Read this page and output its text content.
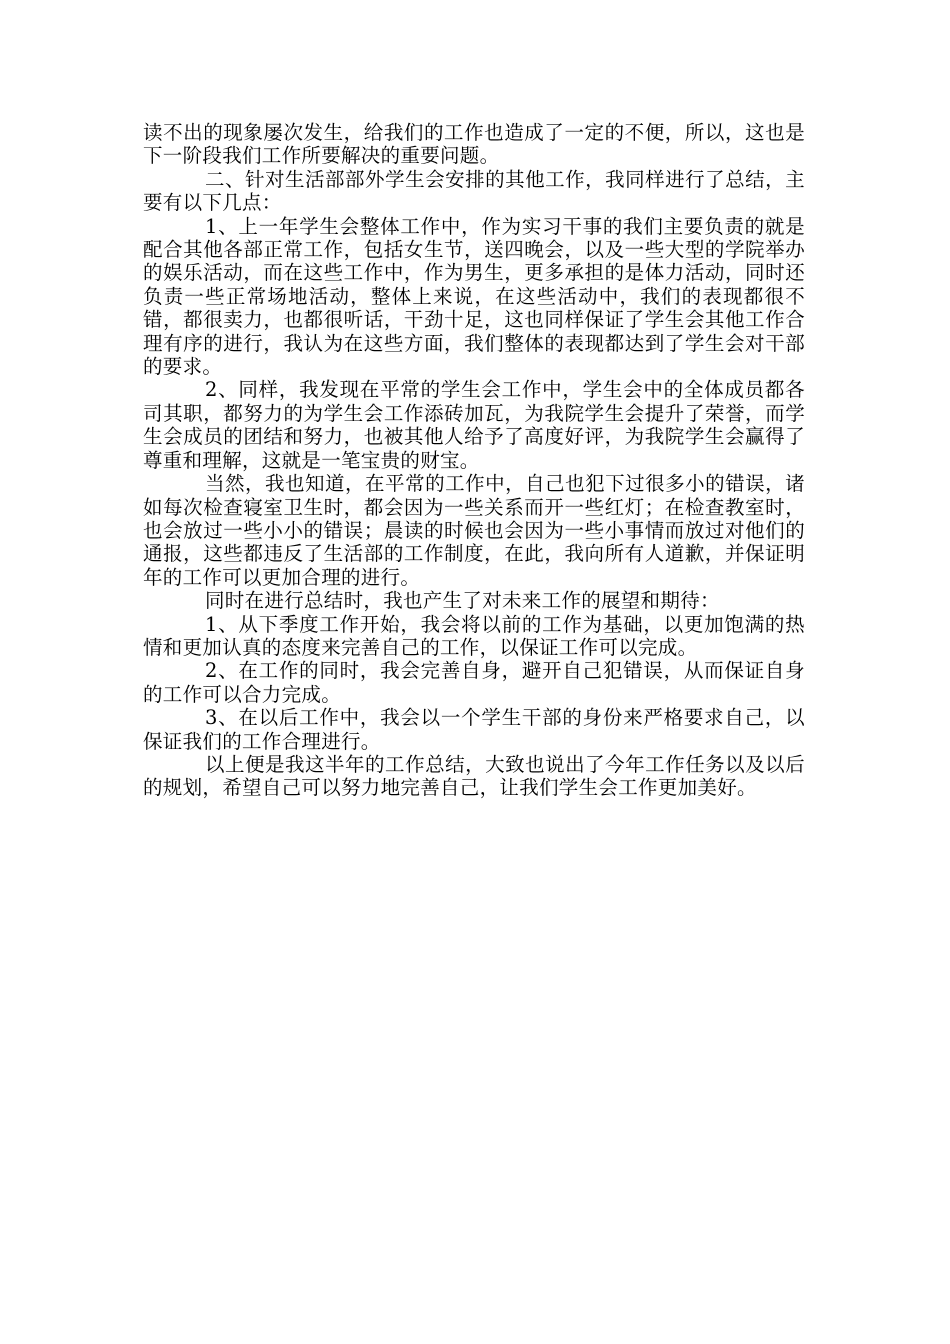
读不出的现象屡次发生，给我们的工作也造成了一定的不便，所以，这也是下一阶段我们工作所要解决的重要问题。

二、针对生活部部外学生会安排的其他工作，我同样进行了总结，主要有以下几点：

1、上一年学生会整体工作中，作为实习干事的我们主要负责的就是配合其他各部正常工作，包括女生节，送四晚会，以及一些大型的学院举办的娱乐活动，而在这些工作中，作为男生，更多承担的是体力活动，同时还负责一些正常场地活动，整体上来说，在这些活动中，我们的表现都很不错，都很卖力，也都很听话，干劲十足，这也同样保证了学生会其他工作合理有序的进行，我认为在这些方面，我们整体的表现都达到了学生会对干部的要求。

2、同样，我发现在平常的学生会工作中，学生会中的全体成员都各司其职，都努力的为学生会工作添砖加瓦，为我院学生会提升了荣誉，而学生会成员的团结和努力，也被其他人给予了高度好评，为我院学生会赢得了尊重和理解，这就是一笔宝贵的财宝。

当然，我也知道，在平常的工作中，自己也犯下过很多小的错误，诸如每次检查寝室卫生时，都会因为一些关系而开一些红灯；在检查教室时，也会放过一些小小的错误；晨读的时候也会因为一些小事情而放过对他们的通报，这些都违反了生活部的工作制度，在此，我向所有人道歉，并保证明年的工作可以更加合理的进行。

同时在进行总结时，我也产生了对未来工作的展望和期待：

1、从下季度工作开始，我会将以前的工作为基础，以更加饱满的热情和更加认真的态度来完善自己的工作，以保证工作可以完成。

2、在工作的同时，我会完善自身，避开自己犯错误，从而保证自身的工作可以合力完成。

3、在以后工作中，我会以一个学生干部的身份来严格要求自己，以保证我们的工作合理进行。

以上便是我这半年的工作总结，大致也说出了今年工作任务以及以后的规划，希望自己可以努力地完善自己，让我们学生会工作更加美好。
